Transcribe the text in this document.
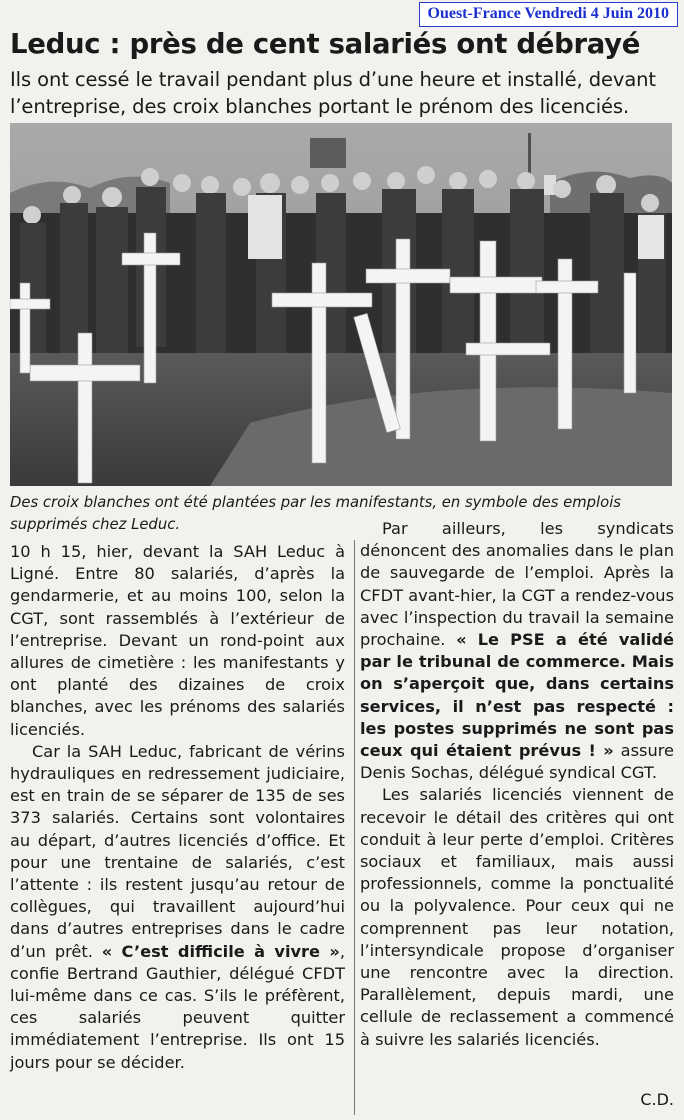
Ouest-France Vendredi 4 Juin 2010
Leduc : près de cent salariés ont débrayé

Ils ont cessé le travail pendant plus d’une heure et installé, devant l’entreprise, des croix blanches portant le prénom des licenciés.

Des croix blanches ont été plantées par les manifestants, en symbole des emplois supprimés chez Leduc.

10 h 15, hier, devant la SAH Leduc à Ligné. Entre 80 salariés, d’après la gendarmerie, et au moins 100, selon la CGT, sont rassemblés à l’extérieur de l’entreprise. Devant un rond-point aux allures de cimetière : les manifestants y ont planté des dizaines de croix blanches, avec les prénoms des salariés licenciés.

Car la SAH Leduc, fabricant de vérins hydrauliques en redressement judiciaire, est en train de se séparer de 135 de ses 373 salariés. Certains sont volontaires au départ, d’autres licenciés d’office. Et pour une trentaine de salariés, c’est l’attente : ils restent jusqu’au retour de collègues, qui travaillent aujourd’hui dans d’autres entreprises dans le cadre d’un prêt. « C’est difficile à vivre », confie Bertrand Gauthier, délégué CFDT lui-même dans ce cas. S’ils le préfèrent, ces salariés peuvent quitter immédiatement l’entreprise. Ils ont 15 jours pour se décider.

Par ailleurs, les syndicats dénoncent des anomalies dans le plan de sauvegarde de l’emploi. Après la CFDT avant-hier, la CGT a rendez-vous avec l’inspection du travail la semaine prochaine. « Le PSE a été validé par le tribunal de commerce. Mais on s’aperçoit que, dans certains services, il n’est pas respecté : les postes supprimés ne sont pas ceux qui étaient prévus ! » assure Denis Sochas, délégué syndical CGT.

Les salariés licenciés viennent de recevoir le détail des critères qui ont conduit à leur perte d’emploi. Critères sociaux et familiaux, mais aussi professionnels, comme la ponctualité ou la polyvalence. Pour ceux qui ne comprennent pas leur notation, l’intersyndicale propose d’organiser une rencontre avec la direction. Parallèlement, depuis mardi, une cellule de reclassement a commencé à suivre les salariés licenciés.

C.D.
